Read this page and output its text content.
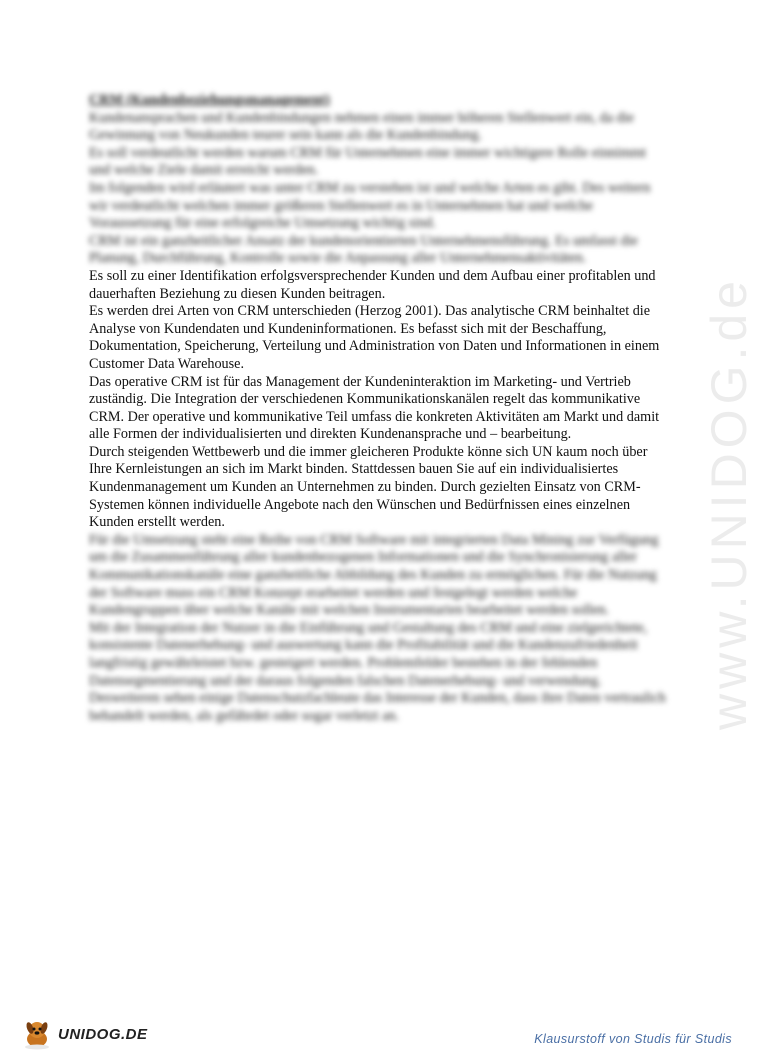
www.UNIDOG.de

CRM (Kundenbeziehungsmanagement)

Kundenansprachen und Kundenbindungen nehmen einen immer höheren Stellenwert ein, da die Gewinnung von Neukunden teurer sein kann als die Kundenbindung.

Es soll verdeutlicht werden warum CRM für Unternehmen eine immer wichtigere Rolle einnimmt und welche Ziele damit erreicht werden.

Im folgenden wird erläutert was unter CRM zu verstehen ist und welche Arten es gibt. Des weitern wir verdeutlicht welchen immer größeren Stellenwert es in Unternehmen hat und welche Voraussetzung für eine erfolgreiche Umsetzung wichtig sind.

CRM ist ein ganzheitlicher Ansatz der kundenorientierten Unternehmensführung. Es umfasst die Planung, Durchführung, Kontrolle sowie die Anpassung aller Unternehmensaktivitäten.

Es soll zu einer Identifikation erfolgsversprechender Kunden und dem Aufbau einer profitablen und dauerhaften Beziehung zu diesen Kunden beitragen.

Es werden drei Arten von CRM unterschieden (Herzog 2001). Das analytische CRM beinhaltet die Analyse von Kundendaten und Kundeninformationen. Es befasst sich mit der Beschaffung, Dokumentation, Speicherung, Verteilung und Administration von Daten und Informationen in einem Customer Data Warehouse.

Das operative CRM ist für das Management der Kundeninteraktion im Marketing- und Vertrieb zuständig. Die Integration der verschiedenen Kommunikationskanälen regelt das kommunikative CRM. Der operative und kommunikative Teil umfass die konkreten Aktivitäten am Markt und damit alle Formen der individualisierten und direkten Kundenansprache und – bearbeitung.

Durch steigenden Wettbewerb und die immer gleicheren Produkte könne sich UN kaum noch über Ihre Kernleistungen an sich im Markt binden. Stattdessen bauen Sie auf ein individualisiertes Kundenmanagement um Kunden an Unternehmen zu binden. Durch gezielten Einsatz von CRM-Systemen können individuelle Angebote nach den Wünschen und Bedürfnissen eines einzelnen Kunden erstellt werden.

Für die Umsetzung steht eine Reihe von CRM Software mit integrierten Data Mining zur Verfügung um die Zusammenführung aller kundenbezogenen Informationen und die Synchronisierung aller Kommunikationskanäle eine ganzheitliche Abbildung des Kunden zu ermöglichen. Für die Nutzung der Software muss ein CRM Konzept erarbeitet werden und festgelegt werden welche Kundengruppen über welche Kanäle mit welchen Instrumentarien bearbeitet werden sollen.

Mit der Integration der Nutzer in die Einführung und Gestaltung des CRM und eine zielgerichtete, konsistente Datenerhebung- und auswertung kann die Profitabilität und die Kundenzufriedenheit langfristig gewährleistet bzw. gesteigert werden. Problemfelder bestehen in der fehlenden Datensegmentierung und der daraus folgenden falschen Datenerhebung- und verwendung. Desweiteren sehen einige Datenschutzfachleute das Interesse der Kunden, dass ihre Daten vertraulich behandelt werden, als gefährdet oder sogar verletzt an.

UNIDOG.DE	Klausurstoff von Studis für Studis
